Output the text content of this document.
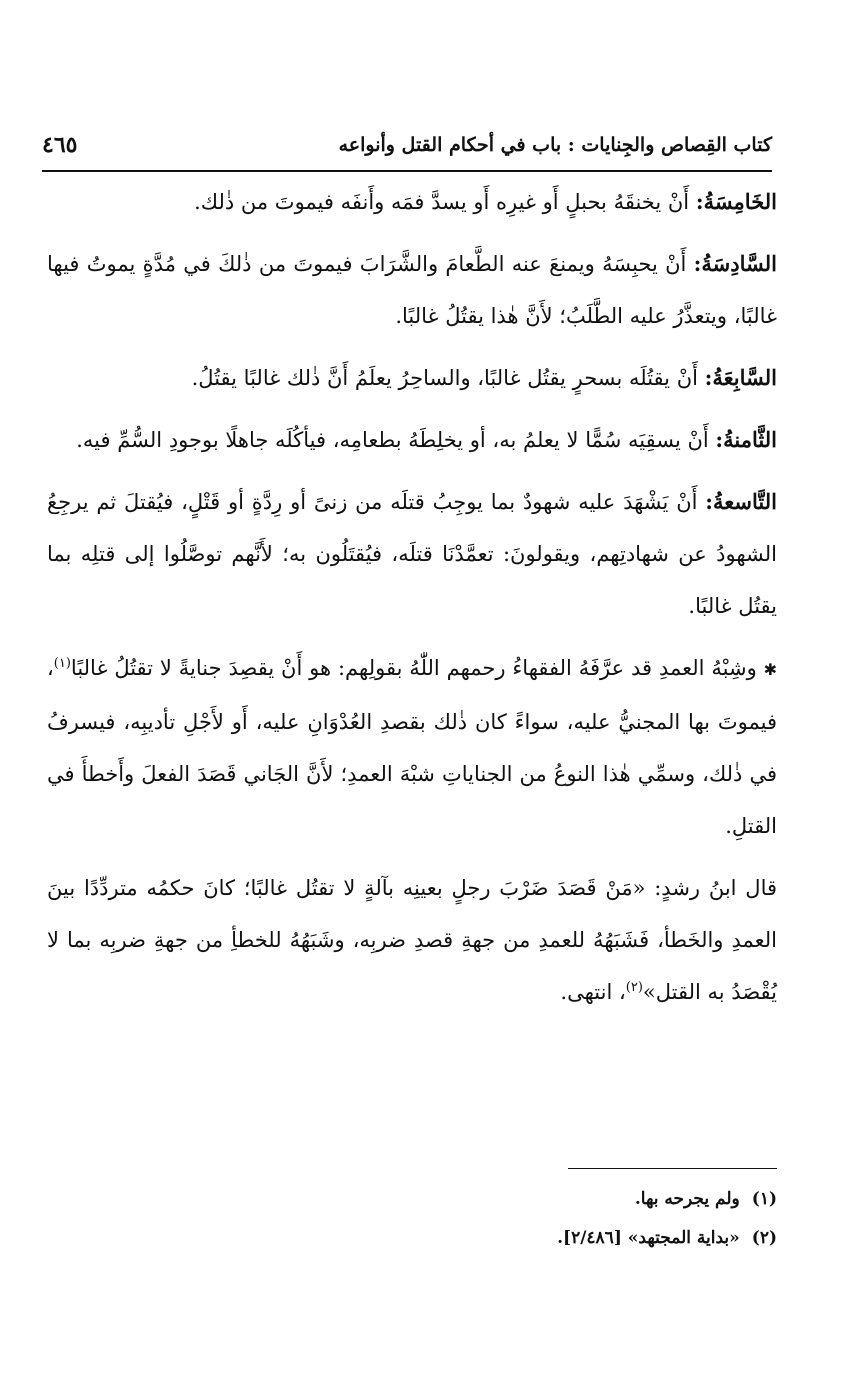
كتاب القِصاص والجِنايات : باب في أحكام القتل وأنواعه
٤٦٥

الخَامِسَةُ: أَنْ يخنقَهُ بحبلٍ أَو غيرِه أَو يسدَّ فمَه وأَنفَه فيموتَ من ذٰلك.

السَّادِسَةُ: أَنْ يحبِسَهُ ويمنعَ عنه الطَّعامَ والشَّرَابَ فيموتَ من ذٰلكَ في مُدَّةٍ يموتُ فيها غالبًا، ويتعذَّرُ عليه الطَّلَبُ؛ لأَنَّ هٰذا يقتُلُ غالبًا.

السَّابِعَةُ: أَنْ يقتُلَه بسحرٍ يقتُل غالبًا، والساحِرُ يعلَمُ أَنَّ ذٰلك غالبًا يقتُلُ.

الثَّامنةُ: أَنْ يسقِيَه سُمًّا لا يعلمُ به، أو يخلِطَهُ بطعامِه، فيأكُلَه جاهلًا بوجودِ السُّمِّ فيه.

التَّاسعةُ: أَنْ يَشْهَدَ عليه شهودٌ بما يوجِبُ قتلَه من زنىً أو رِدَّةٍ أو قَتْلٍ، فيُقتلَ ثم يرجِعُ الشهودُ عن شهادتِهم، ويقولونَ: تعمَّدْنَا قتلَه، فيُقتَلُون به؛ لأَنَّهم توصَّلُوا إلى قتلِه بما يقتُل غالبًا.

✱ وشِبْهُ العمدِ قد عرَّفَهُ الفقهاءُ رحمهم اللّٰهُ بقولِهم: هو أَنْ يقصِدَ جنايةً لا تقتُلُ غالبًا$^{(١)}$، فيموتَ بها المجنيُّ عليه، سواءً كان ذٰلك بقصدِ العُدْوَانِ عليه، أَو لأَجْلِ تأديبِه، فيسرفُ في ذٰلك، وسمِّي هٰذا النوعُ من الجناياتِ شبْهَ العمدِ؛ لأَنَّ الجَاني قَصَدَ الفعلَ وأَخطأَ في القتلِ.

قال ابنُ رشدٍ: «مَنْ قَصَدَ ضَرْبَ رجلٍ بعينِه بآلةٍ لا تقتُل غالبًا؛ كانَ حكمُه متردِّدًا بينَ العمدِ والخَطأ، فَشَبَهُهُ للعمدِ من جهةِ قصدِ ضربِه، وشَبَهُهُ للخطأِ من جهةِ ضربِه بما لا يُقْصَدُ به القتل»$^{(٢)}$، انتهى.

(١)ولم يجرحه بها.

(٢)«بداية المجتهد» [٢/٤٨٦].
